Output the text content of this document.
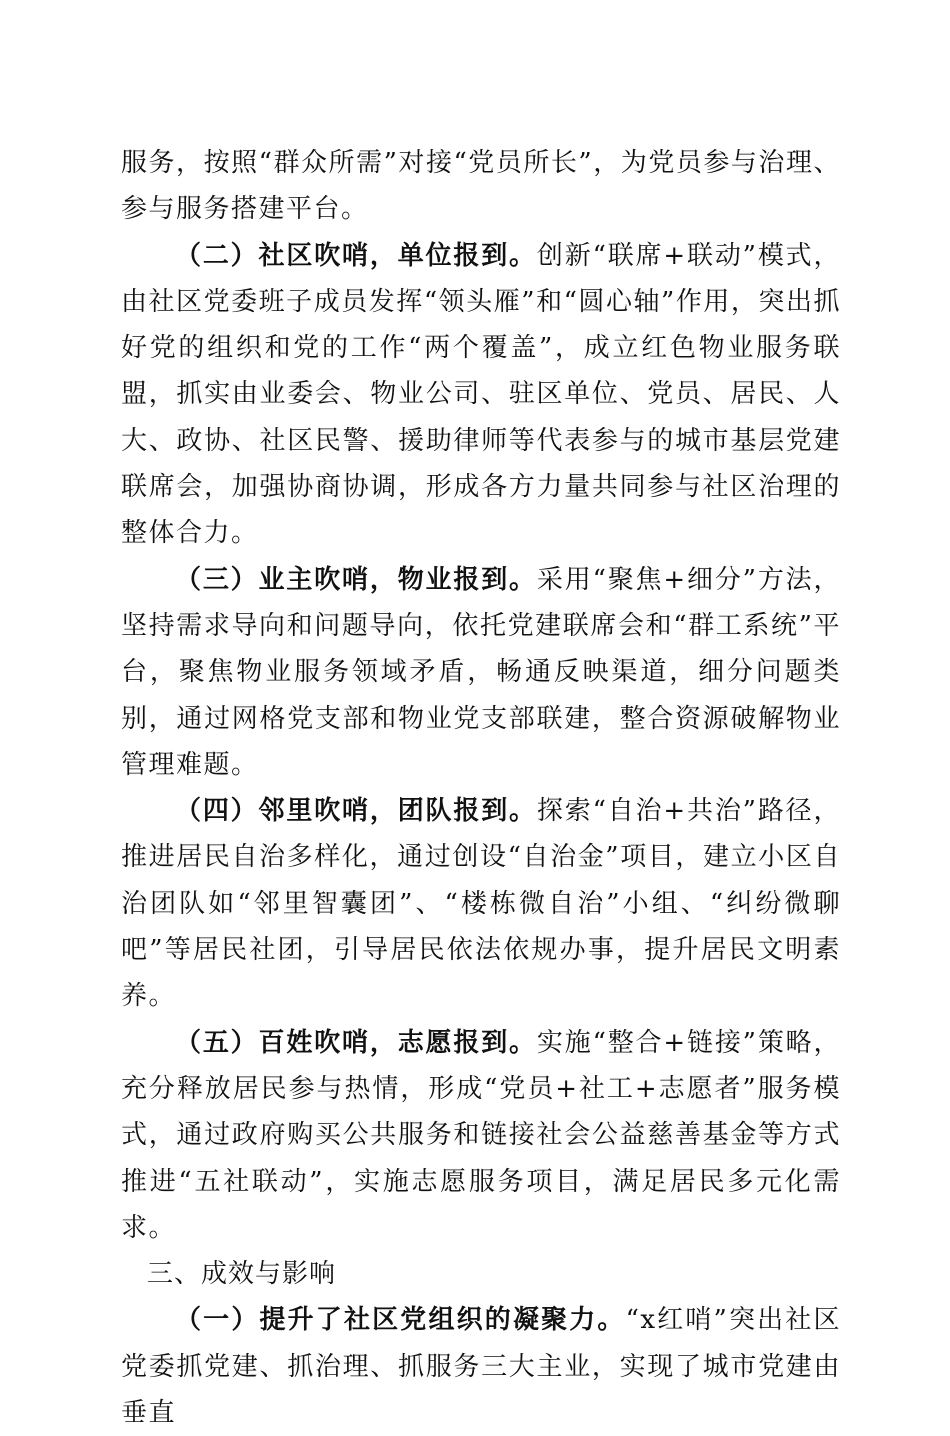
服务，按照“群众所需”对接“党员所长”，为党员参与治理、参与服务搭建平台。

（二）社区吹哨，单位报到。创新“联席+联动”模式，由社区党委班子成员发挥“领头雁”和“圆心轴”作用，突出抓好党的组织和党的工作“两个覆盖”，成立红色物业服务联盟，抓实由业委会、物业公司、驻区单位、党员、居民、人大、政协、社区民警、援助律师等代表参与的城市基层党建联席会，加强协商协调，形成各方力量共同参与社区治理的整体合力。

（三）业主吹哨，物业报到。采用“聚焦+细分”方法，坚持需求导向和问题导向，依托党建联席会和“群工系统”平台，聚焦物业服务领域矛盾，畅通反映渠道，细分问题类别，通过网格党支部和物业党支部联建，整合资源破解物业管理难题。

（四）邻里吹哨，团队报到。探索“自治+共治”路径，推进居民自治多样化，通过创设“自治金”项目，建立小区自治团队如“邻里智囊团”、“楼栋微自治”小组、“纠纷微聊吧”等居民社团，引导居民依法依规办事，提升居民文明素养。

（五）百姓吹哨，志愿报到。实施“整合+链接”策略，充分释放居民参与热情，形成“党员+社工+志愿者”服务模式，通过政府购买公共服务和链接社会公益慈善基金等方式推进“五社联动”，实施志愿服务项目，满足居民多元化需求。

三、成效与影响

（一）提升了社区党组织的凝聚力。“x红哨”突出社区党委抓党建、抓治理、抓服务三大主业，实现了城市党建由垂直
